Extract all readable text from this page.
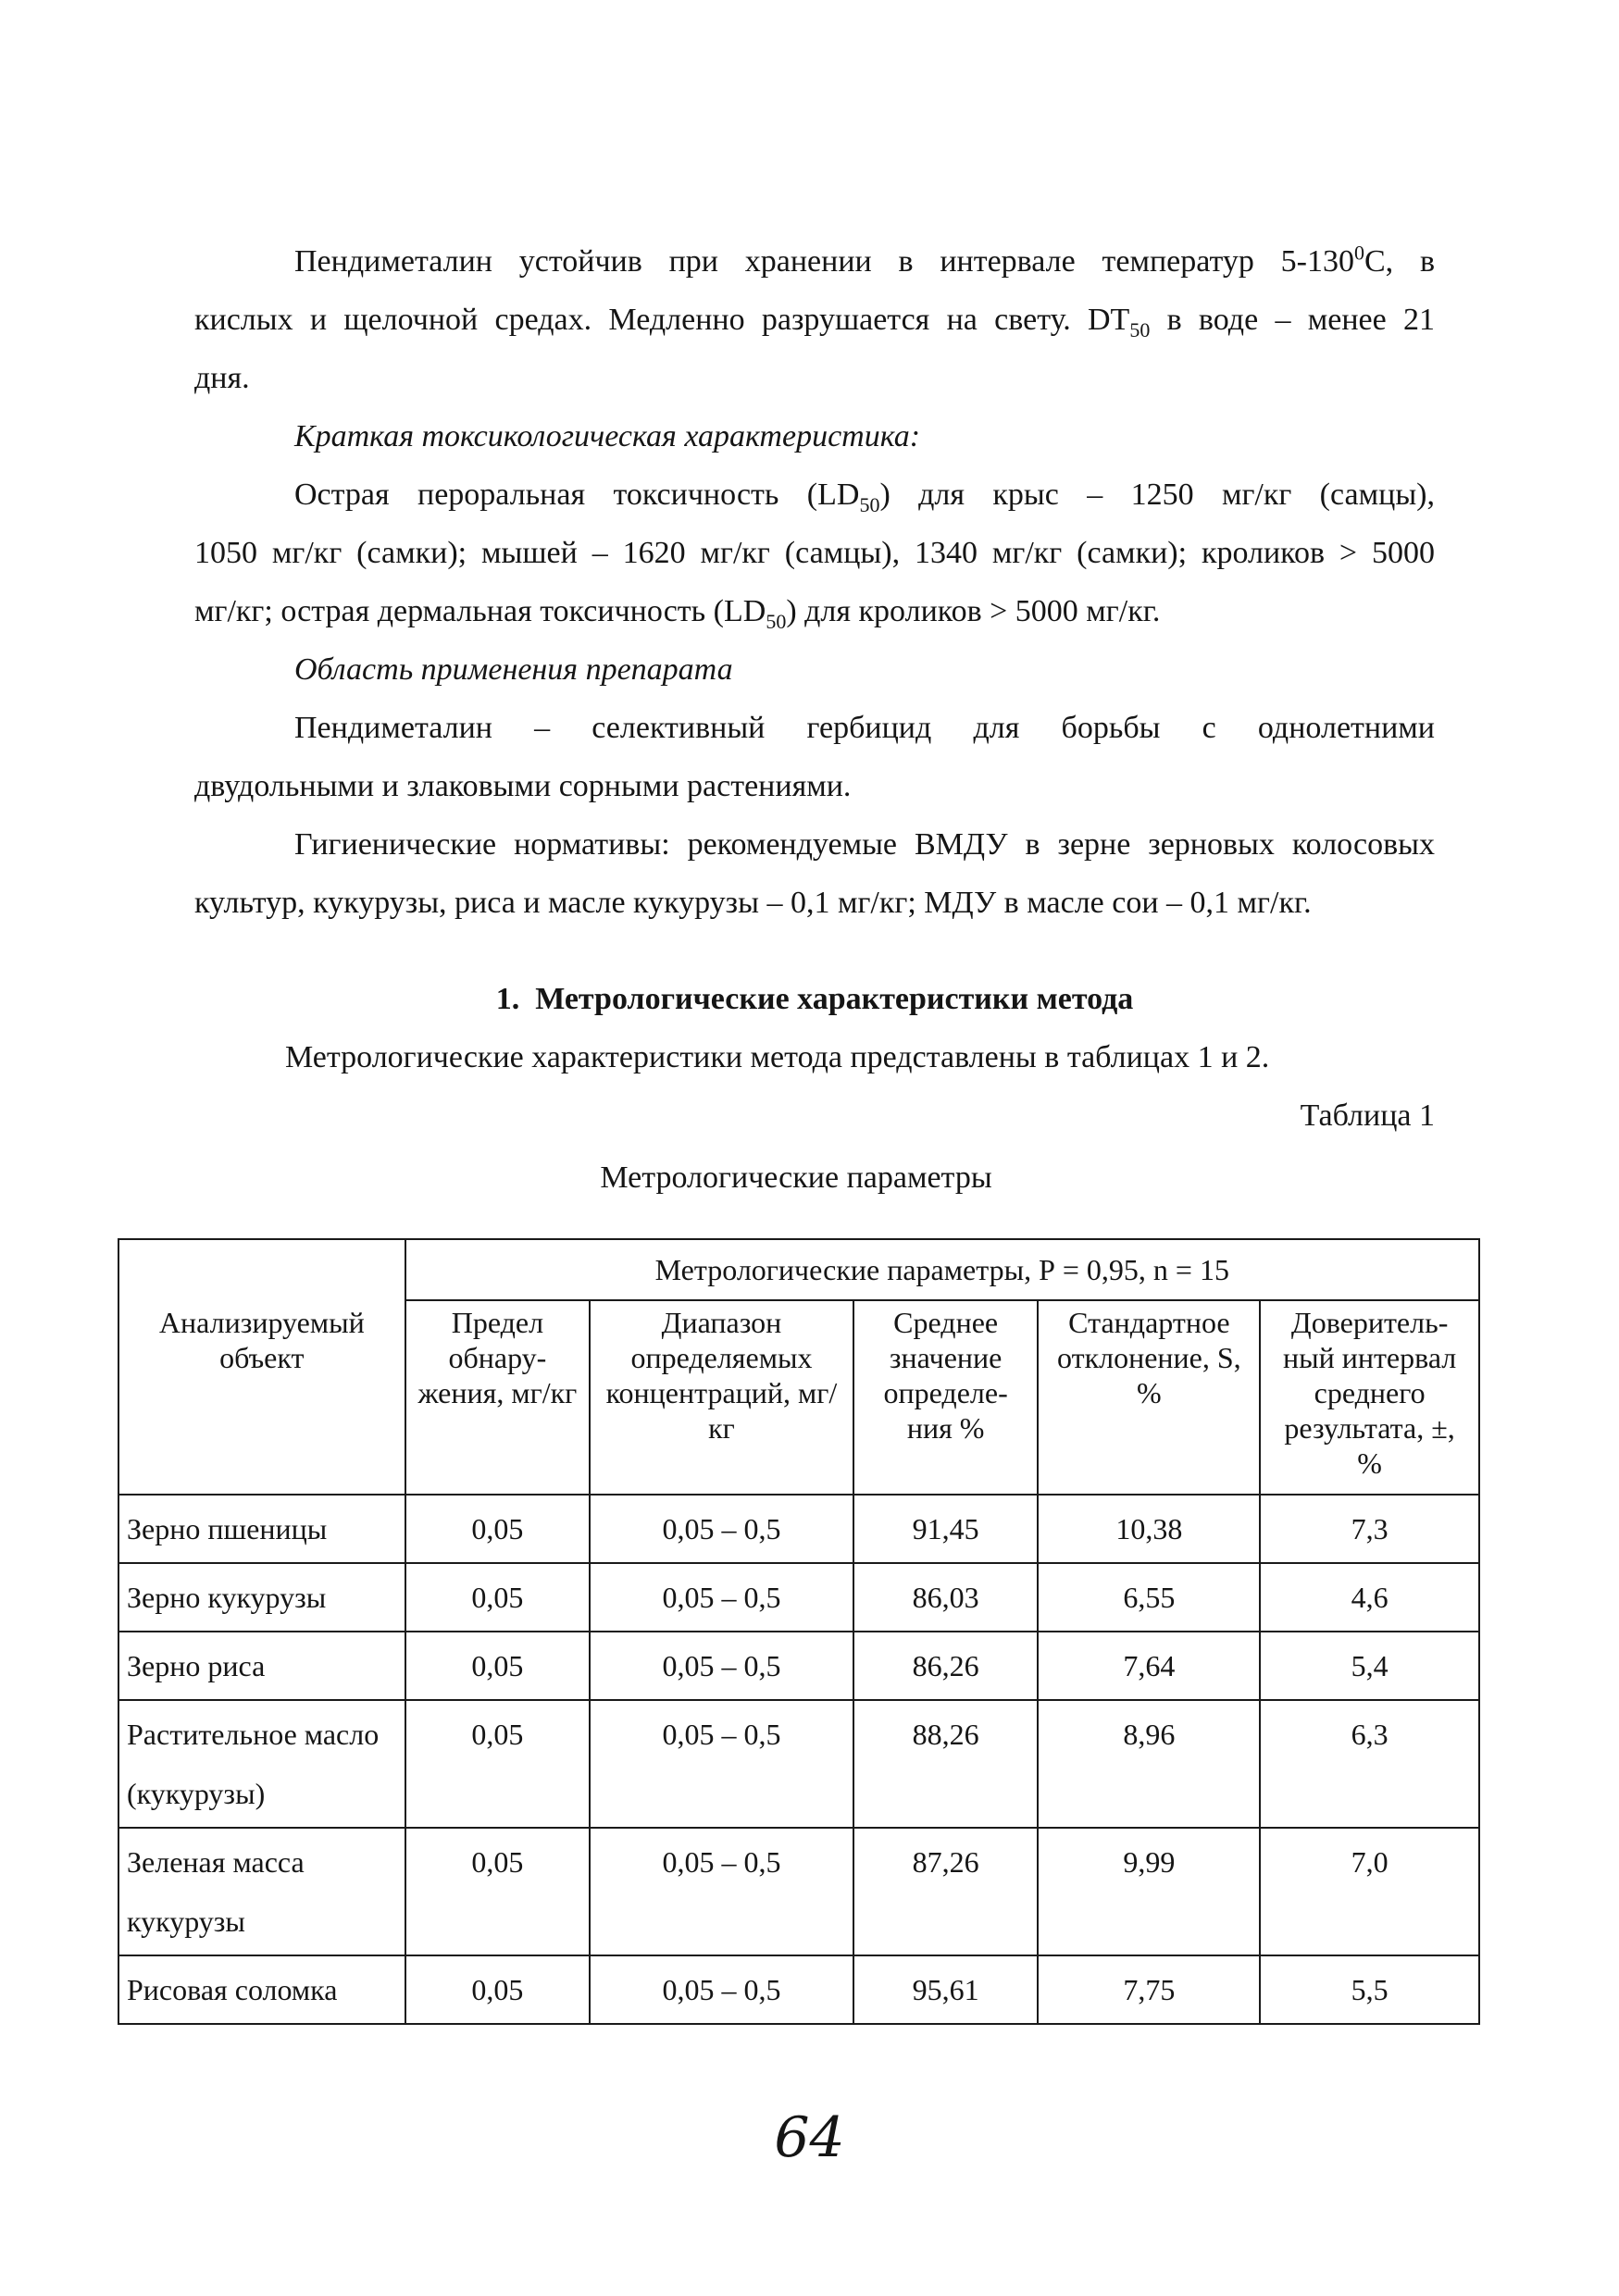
Пендиметалин устойчив при хранении в интервале температур $5-130^0С$, в
кислых и щелочной средах. Медленно разрушается на свету. $DT_{50}$ в воде – менее 21
дня.
Краткая токсикологическая характеристика:
Острая пероральная токсичность $(LD_{50})$ для крыс – 1250 мг/кг (самцы),
1050 мг/кг (самки); мышей – 1620 мг/кг (самцы), 1340 мг/кг (самки); кроликов > 5000
мг/кг; острая дермальная токсичность $(LD_{50})$ для кроликов > 5000 мг/кг.
Область применения препарата
Пендиметалин – селективный гербицид для борьбы с однолетними
двудольными и злаковыми сорными растениями.
Гигиенические нормативы: рекомендуемые ВМДУ в зерне зерновых колосовых
культур, кукурузы, риса и масле кукурузы – 0,1 мг/кг; МДУ в масле сои – 0,1 мг/кг.
1. Метрологические характеристики метода
Метрологические характеристики метода представлены в таблицах 1 и 2.
Таблица 1
Метрологические параметры
Анализируемый объект	Метрологические параметры, Р = 0,95, n = 15				
	Предел обнару-жения, мг/кг	Диапазон определяемых концентраций, мг/кг	Среднее значение определе-ния %	Стандартное отклонение, S, %	Доверитель-ный интервал среднего результата, ±, %
Зерно пшеницы	0,05	0,05 – 0,5	91,45	10,38	7,3
Зерно кукурузы	0,05	0,05 – 0,5	86,03	6,55	4,6
Зерно риса	0,05	0,05 – 0,5	86,26	7,64	5,4
Растительное масло (кукурузы)	0,05	0,05 – 0,5	88,26	8,96	6,3
Зеленая масса кукурузы	0,05	0,05 – 0,5	87,26	9,99	7,0
Рисовая соломка	0,05	0,05 – 0,5	95,61	7,75	5,5
64
